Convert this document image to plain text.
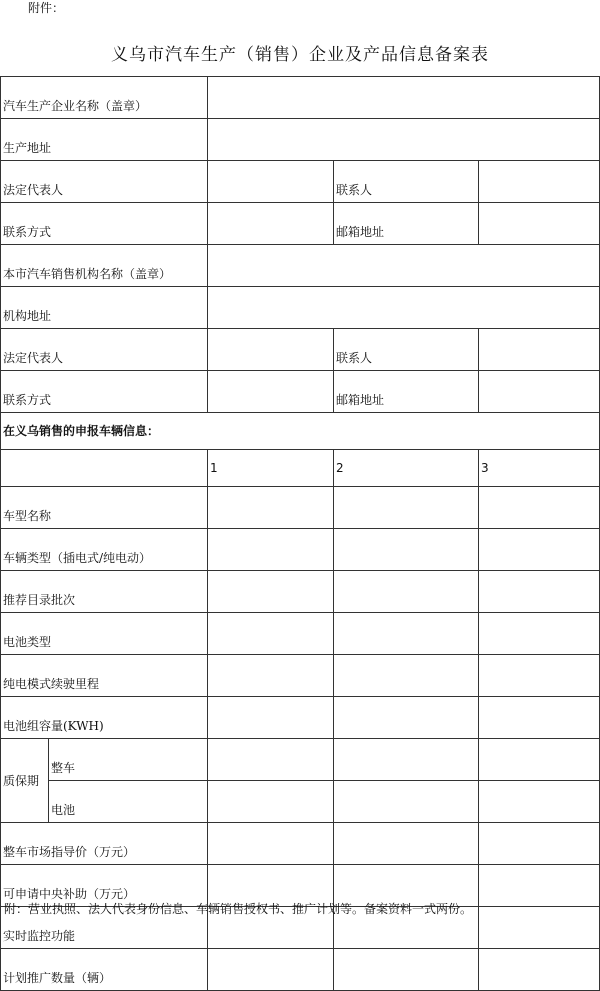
附件：
义乌市汽车生产（销售）企业及产品信息备案表
汽车生产企业名称（盖章）				
生产地址				
法定代表人			联系人	
联系方式			邮箱地址	
本市汽车销售机构名称（盖章）				
机构地址				
法定代表人			联系人	
联系方式			邮箱地址	
在义乌销售的申报车辆信息：				
		1	2	3
车型名称				
车辆类型（插电式/纯电动）				
推荐目录批次				
电池类型				
纯电模式续驶里程				
电池组容量(KWH)				
质保期	整车			
	电池			
整车市场指导价（万元）				
可申请中央补助（万元）				
实时监控功能				
计划推广数量（辆）				
附：营业执照、法人代表身份信息、车辆销售授权书、推广计划等。备案资料一式两份。
